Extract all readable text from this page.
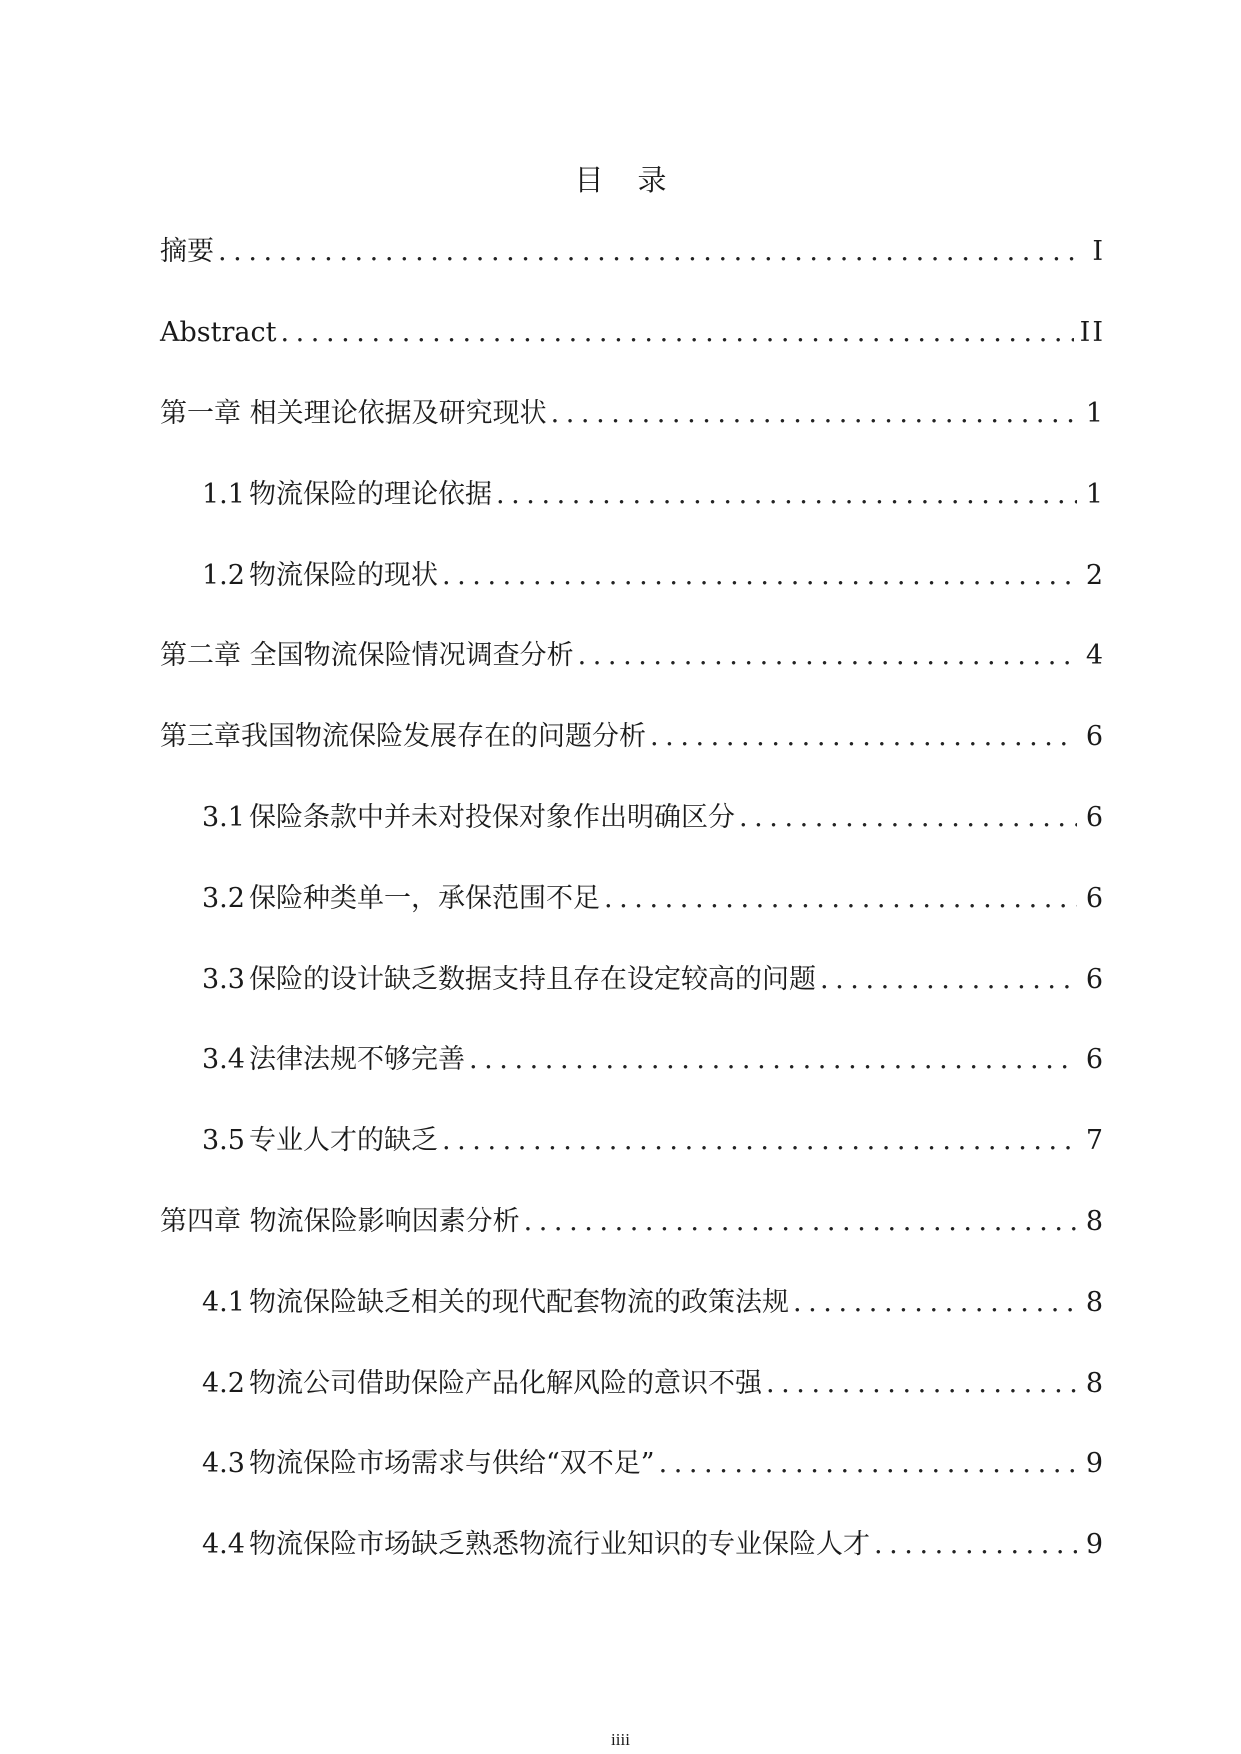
目 录
摘要 . . .	I
Abstract . . .	II
第一章 相关理论依据及研究现状 . . .	1
1.1 物流保险的理论依据 . . .	1
1.2 物流保险的现状 . . .	2
第二章 全国物流保险情况调查分析 . . .	4
第三章我国物流保险发展存在的问题分析 . . .	6
3.1 保险条款中并未对投保对象作出明确区分 . . .	6
3.2 保险种类单一，承保范围不足 . . .	6
3.3 保险的设计缺乏数据支持且存在设定较高的问题 . . .	6
3.4 法律法规不够完善 . . .	6
3.5 专业人才的缺乏 . . .	7
第四章 物流保险影响因素分析 . . .	8
4.1 物流保险缺乏相关的现代配套物流的政策法规 . . .	8
4.2 物流公司借助保险产品化解风险的意识不强 . . .	8
4.3 物流保险市场需求与供给“双不足” . . .	9
4.4 物流保险市场缺乏熟悉物流行业知识的专业保险人才 . . .	9
iiii
